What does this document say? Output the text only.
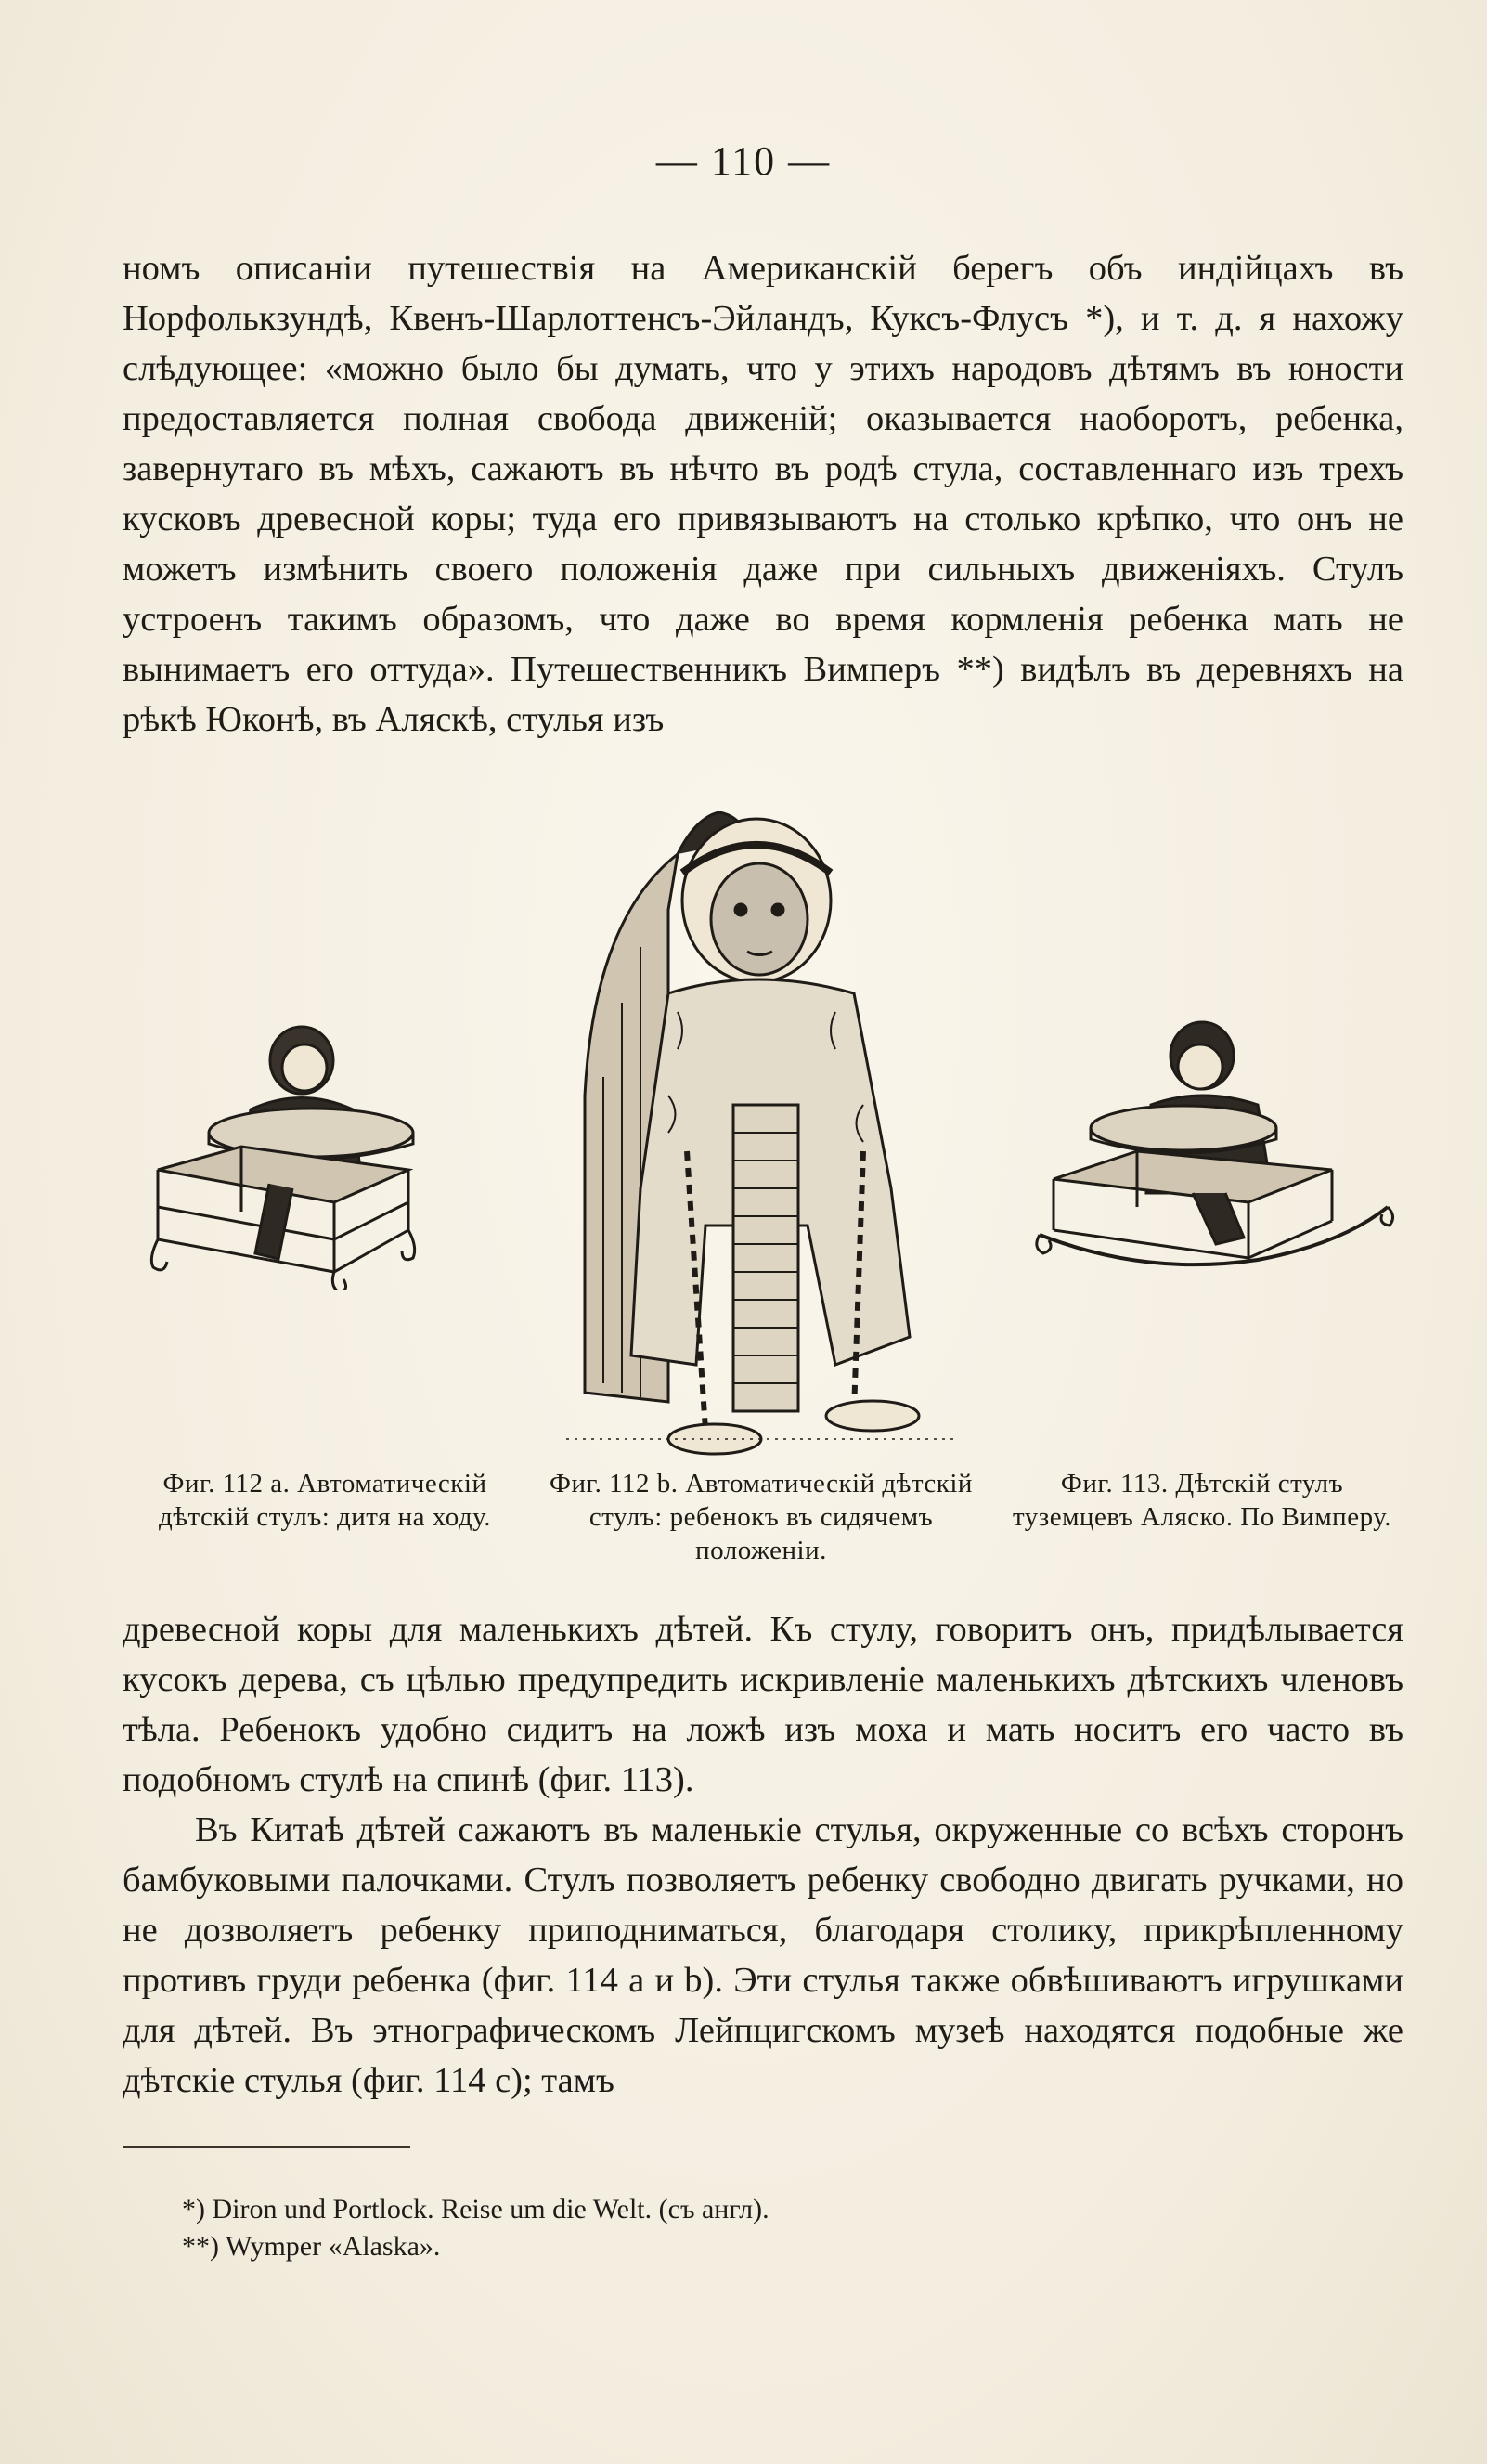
— 110 —

номъ описаніи путешествія на Американскій берегъ объ индійцахъ въ Норфолькзундѣ, Квенъ-Шарлоттенсъ-Эйландъ, Куксъ-Флусъ *), и т. д. я нахожу слѣдующее: «можно было бы думать, что у этихъ народовъ дѣтямъ въ юности предоставляется полная свобода движеній; оказывается наоборотъ, ребенка, завернутаго въ мѣхъ, сажаютъ въ нѣчто въ родѣ стула, составленнаго изъ трехъ кусковъ древесной коры; туда его привязываютъ на столько крѣпко, что онъ не можетъ измѣнить своего положенія даже при сильныхъ движеніяхъ. Стулъ устроенъ такимъ образомъ, что даже во время кормленія ребенка мать не вынимаетъ его оттуда». Путешественникъ Вимперъ **) видѣлъ въ деревняхъ на рѣкѣ Юконѣ, въ Аляскѣ, стулья изъ

Фиг. 112 а. Автоматическій дѣтскій стулъ: дитя на ходу.
Фиг. 112 b. Автоматическій дѣтскій стулъ: ребенокъ въ сидячемъ положеніи.
Фиг. 113. Дѣтскій стулъ туземцевъ Аляско. По Вимперу.

древесной коры для маленькихъ дѣтей. Къ стулу, говоритъ онъ, придѣлывается кусокъ дерева, съ цѣлью предупредить искривленіе маленькихъ дѣтскихъ членовъ тѣла. Ребенокъ удобно сидитъ на ложѣ изъ моха и мать носитъ его часто въ подобномъ стулѣ на спинѣ (фиг. 113).

Въ Китаѣ дѣтей сажаютъ въ маленькіе стулья, окруженные со всѣхъ сторонъ бамбуковыми палочками. Стулъ позволяетъ ребенку свободно двигать ручками, но не дозволяетъ ребенку приподниматься, благодаря столику, прикрѣпленному противъ груди ребенка (фиг. 114 a и b). Эти стулья также обвѣшиваютъ игрушками для дѣтей. Въ этнографическомъ Лейпцигскомъ музеѣ находятся подобные же дѣтскіе стулья (фиг. 114 c); тамъ

*) Diron und Portlock. Reise um die Welt. (съ англ).
**) Wymper «Alaska».
